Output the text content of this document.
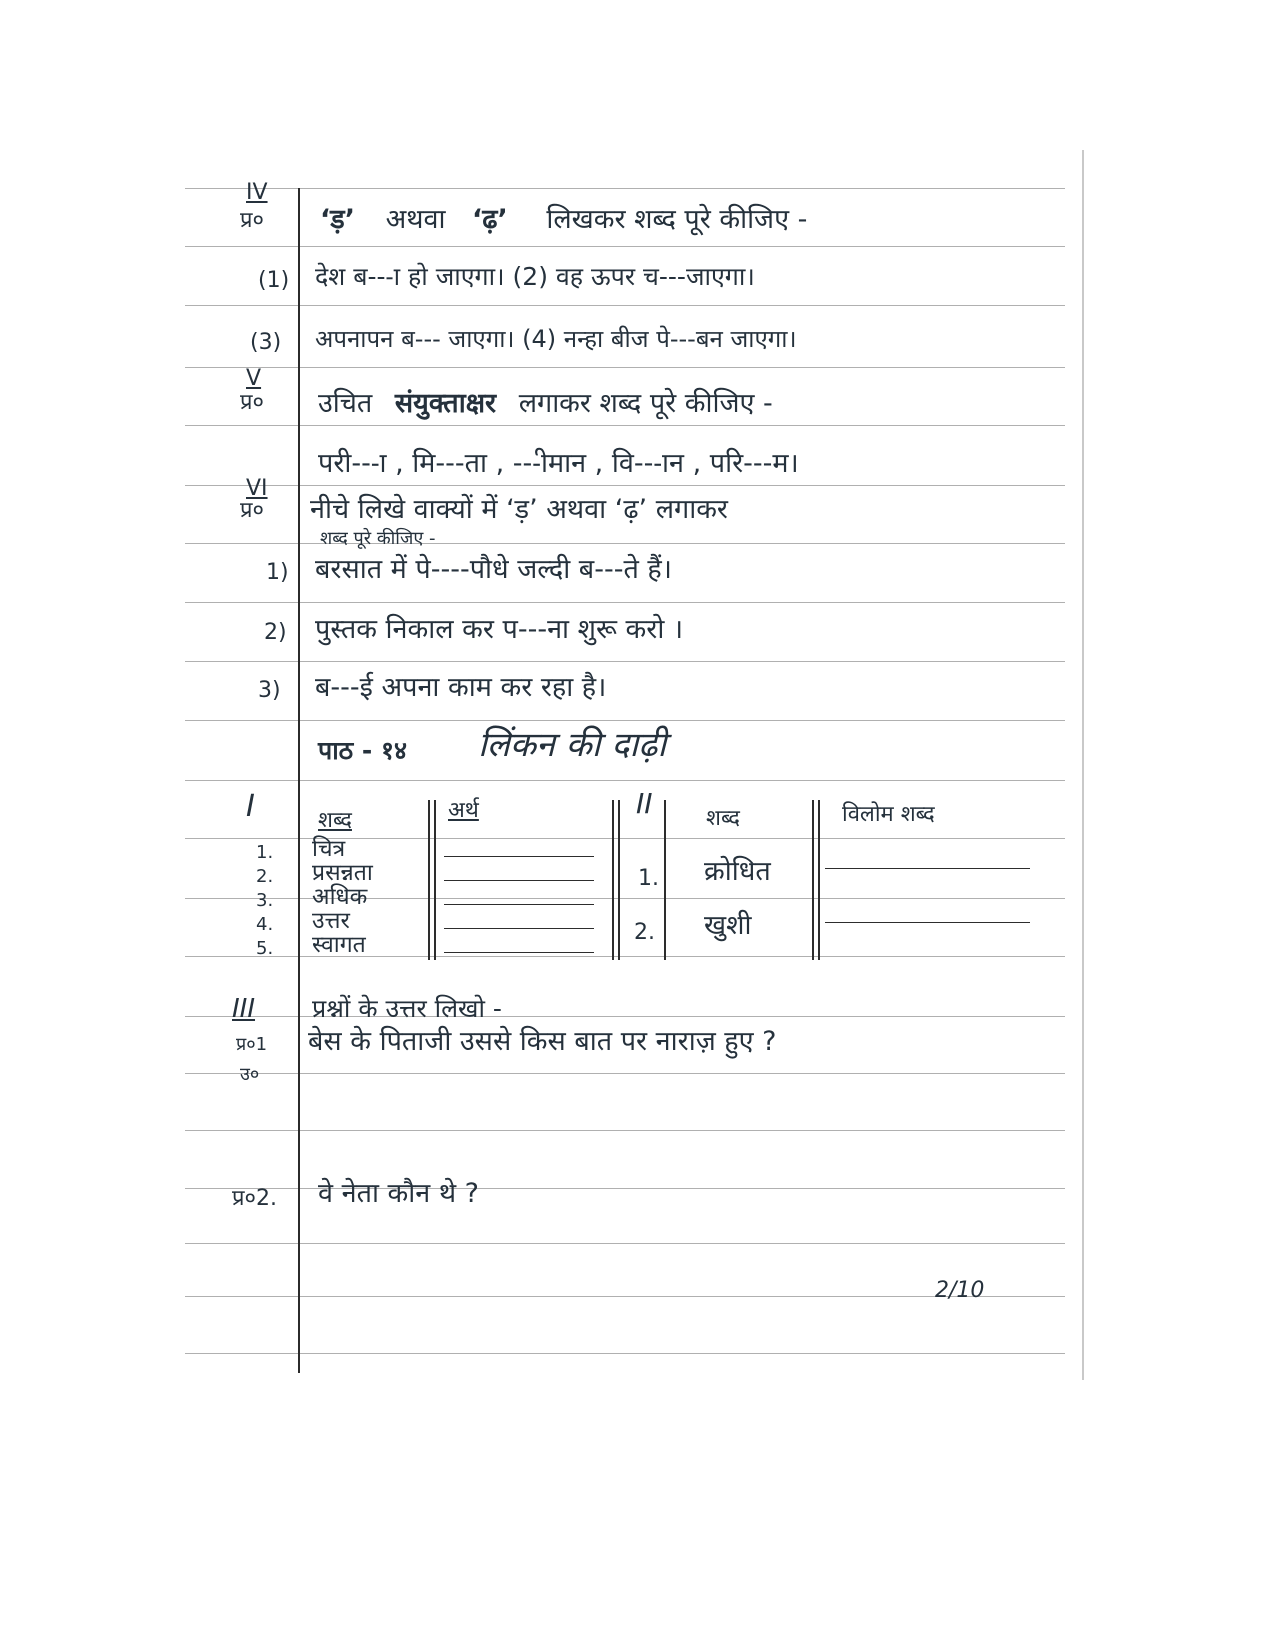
IV
प्र० ‘ड़’ अथवा ‘ढ़’ लिखकर शब्द पूरे कीजिए -
(1) देश ब---ा हो जाएगा। (2) वह ऊपर च---जाएगा।
(3) अपनापन ब--- जाएगा। (4) नन्हा बीज पे---बन जाएगा।
V
प्र० उचित संयुक्ताक्षर लगाकर शब्द पूरे कीजिए -
परी---ा , मि---ता , ---ीमान , वि---ान , परि---म।
VI
प्र० नीचे लिखे वाक्यों में ‘ड़’ अथवा ‘ढ़’ लगाकर
शब्द पूरे कीजिए -
1) बरसात में पे----पौधे जल्दी ब---ते हैं।
2) पुस्तक निकाल कर प---ना शुरू करो ।
3) ब---ई अपना काम कर रहा है।
पाठ - १४ लिंकन की दाढ़ी
I	शब्द	अर्थ
1. चित्र
2. प्रसन्नता
3. अधिक
4. उत्तर
5. स्वागत
II शब्द	विलोम शब्द
1. क्रोधित
2. खुशी
III प्रश्नों के उत्तर लिखो -
प्र०1 बेस के पिताजी उससे किस बात पर नाराज़ हुए ?
उ०
प्र०2. वे नेता कौन थे ?
2/10
